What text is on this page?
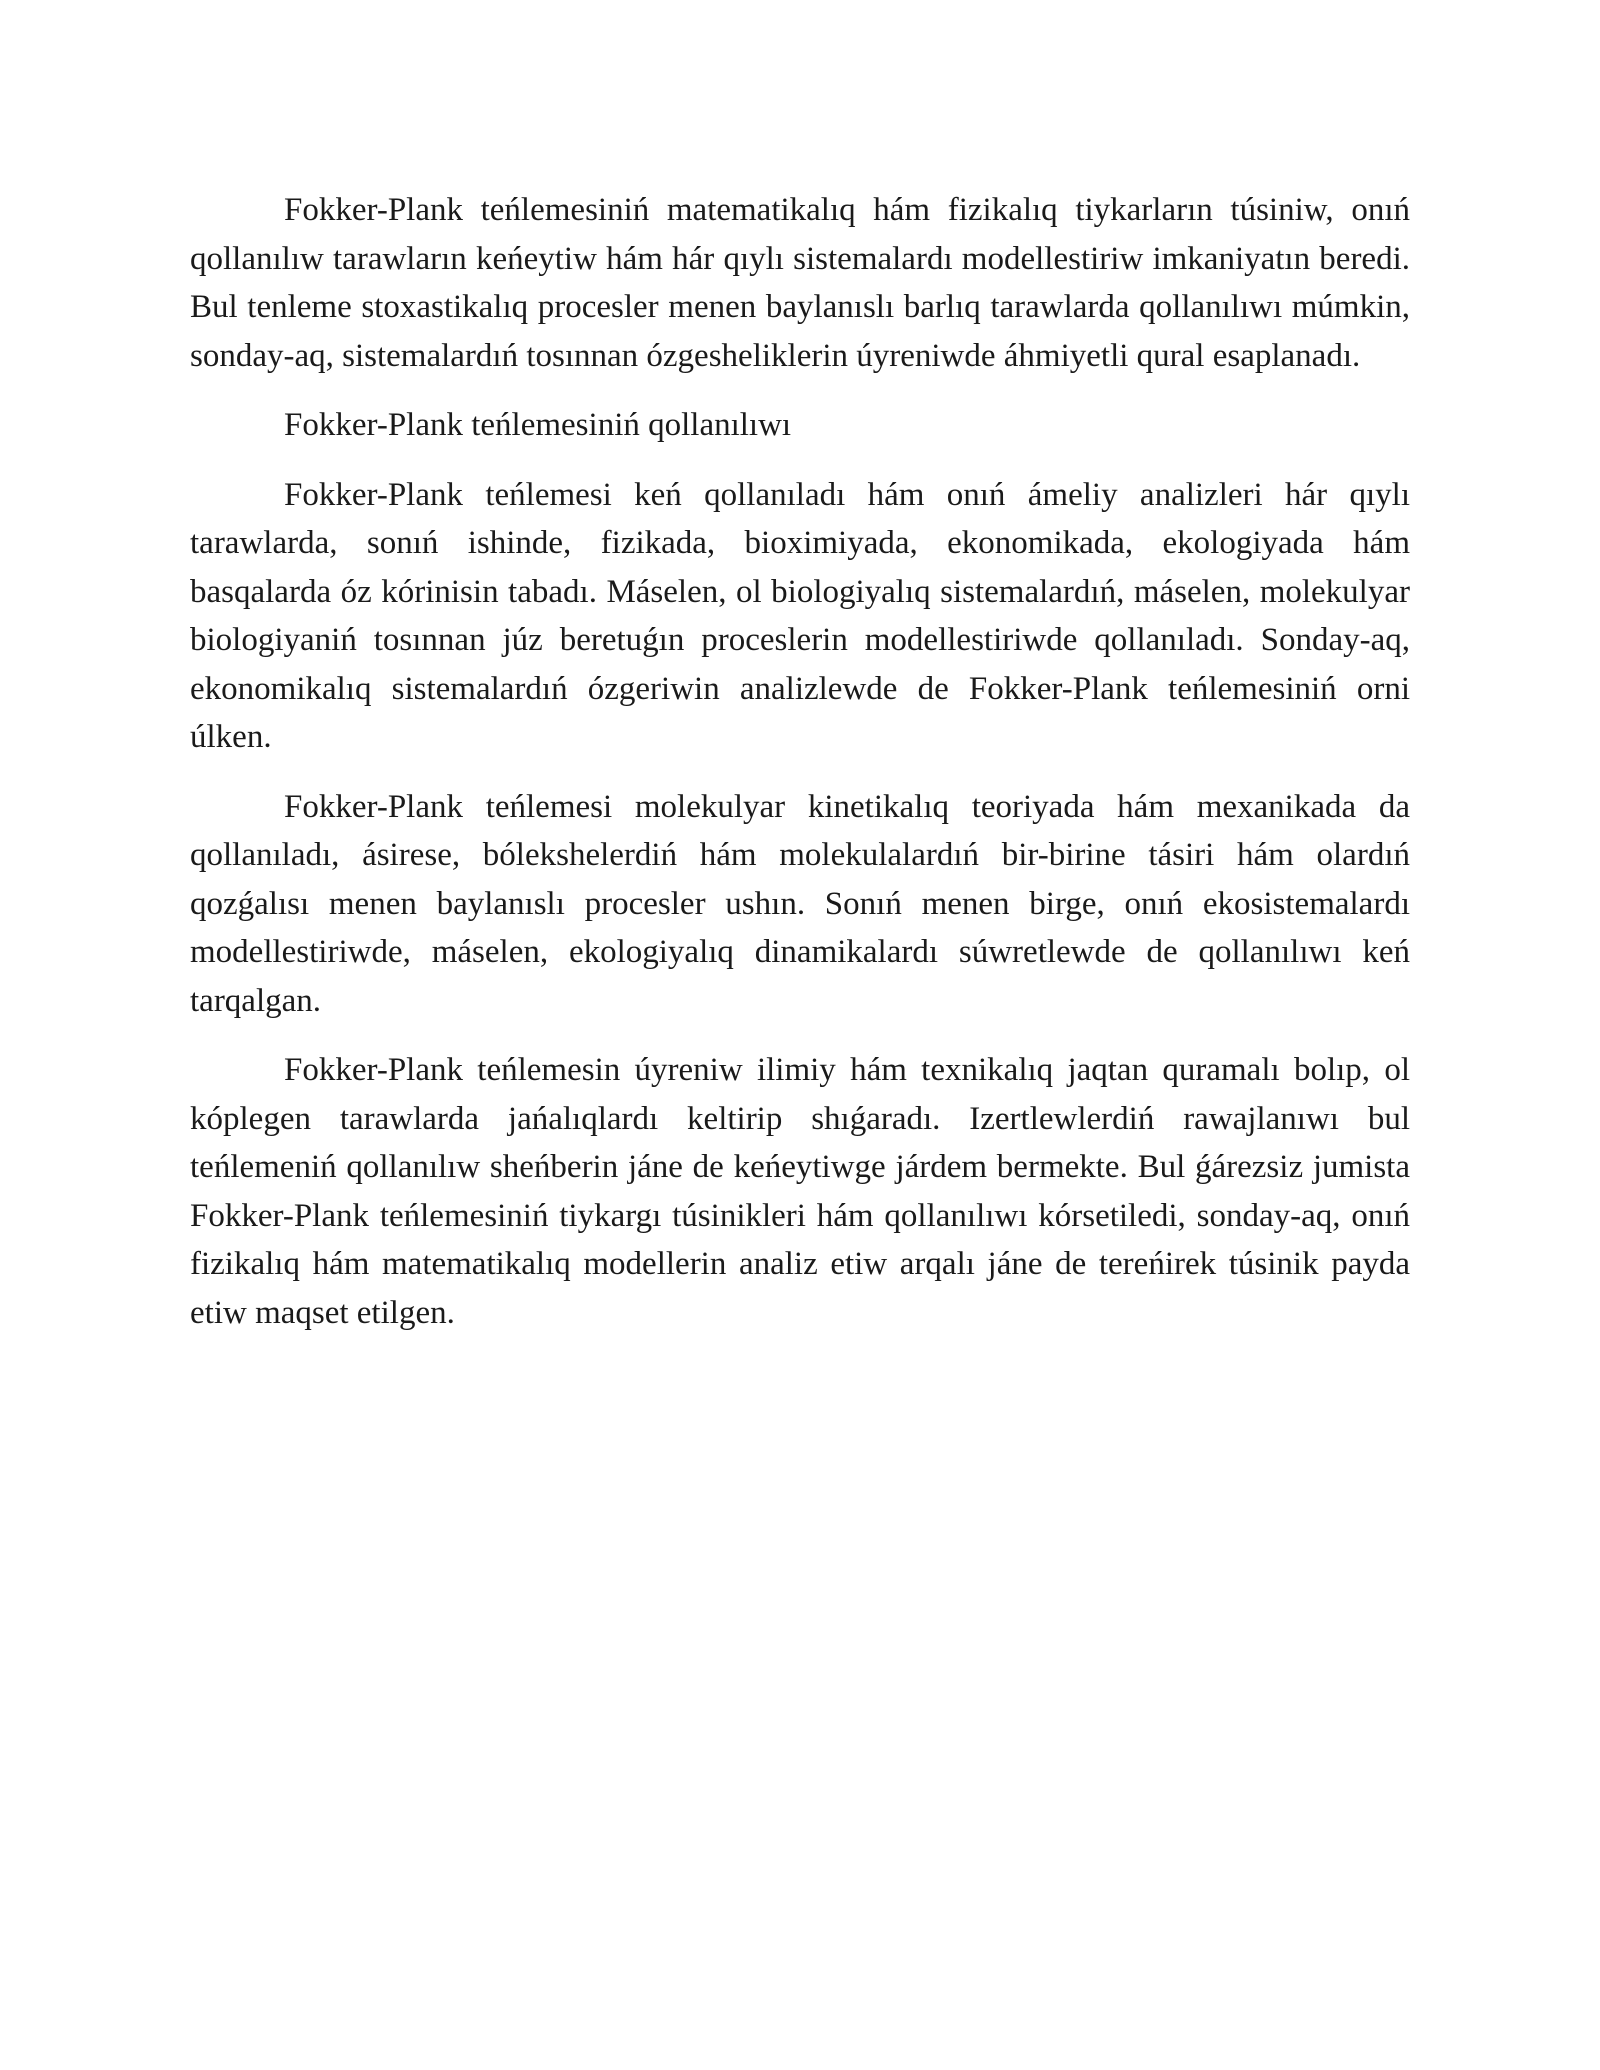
Fokker-Plank teńlemesiniń matematikalıq hám fizikalıq tiykarların túsiniw, onıń qollanılıw tarawların keńeytiw hám hár qıylı sistemalardı modellestiriw imkaniyatın beredi. Bul tenleme stoxastikalıq procesler menen baylanıslı barlıq tarawlarda qollanılıwı múmkin, sonday-aq, sistemalardıń tosınnan ózgesheliklerin úyreniwde áhmiyetli qural esaplanadı.

Fokker-Plank teńlemesiniń qollanılıwı

Fokker-Plank teńlemesi keń qollanıladı hám onıń ámeliy analizleri hár qıylı tarawlarda, sonıń ishinde, fizikada, bioximiyada, ekonomikada, ekologiyada hám basqalarda óz kórinisin tabadı. Máselen, ol biologiyalıq sistemalardıń, máselen, molekulyar biologiyaniń tosınnan júz beretuǵın proceslerin modellestiriwde qollanıladı. Sonday-aq, ekonomikalıq sistemalardıń ózgeriwin analizlewde de Fokker-Plank teńlemesiniń orni úlken.

Fokker-Plank teńlemesi molekulyar kinetikalıq teoriyada hám mexanikada da qollanıladı, ásirese, bólekshelerdiń hám molekulalardıń bir-birine tásiri hám olardıń qozǵalısı menen baylanıslı procesler ushın. Sonıń menen birge, onıń ekosistemalardı modellestiriwde, máselen, ekologiyalıq dinamikalardı súwretlewde de qollanılıwı keń tarqalgan.

Fokker-Plank teńlemesin úyreniw ilimiy hám texnikalıq jaqtan quramalı bolıp, ol kóplegen tarawlarda jańalıqlardı keltirip shıǵaradı. Izertlewlerdiń rawajlanıwı bul teńlemeniń qollanılıw sheńberin jáne de keńeytiwge járdem bermekte. Bul ǵárezsiz jumista Fokker-Plank teńlemesiniń tiykargı túsinikleri hám qollanılıwı kórsetiledi, sonday-aq, onıń fizikalıq hám matematikalıq modellerin analiz etiw arqalı jáne de tereńirek túsinik payda etiw maqset etilgen.
